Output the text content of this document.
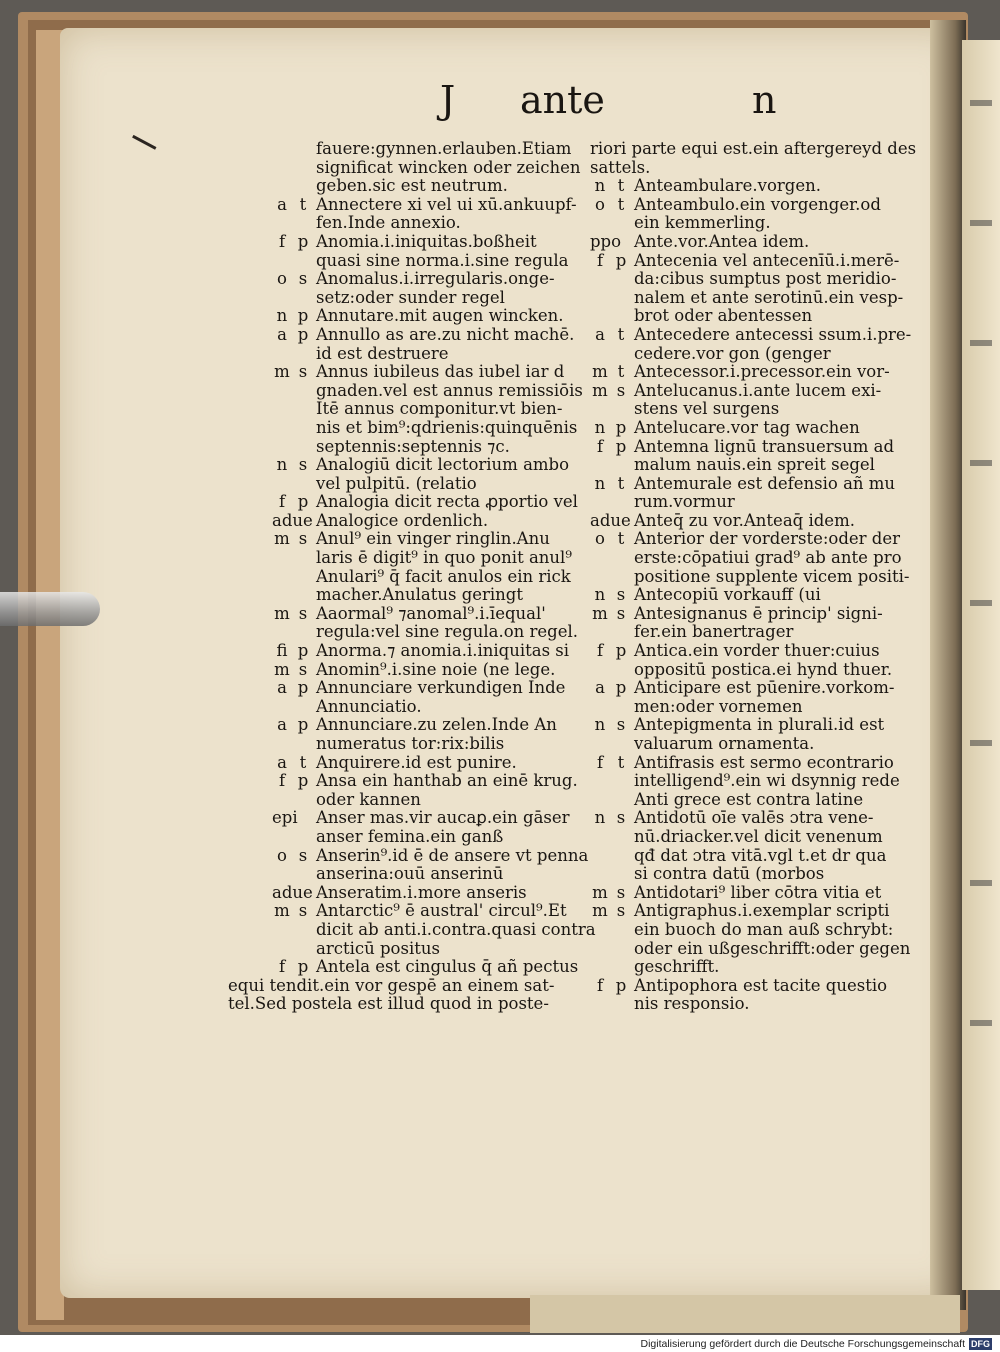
J ante	n
fauere:gynnen.erlauben.Etiam
significat wincken oder zeichen
geben.sic est neutrum.
a t Annectere xi vel ui xū.ankuupf-
fen.Inde annexio.
f p Anomia.i.iniquitas.boßheit
quasi sine norma.i.sine regula
o s Anomalus.i.irregularis.onge-
setz:oder sunder regel
n p Annutare.mit augen wincken.
a p Annullo as are.zu nicht machē.
id est destruere
m s Annus iubileus das iubel iar d
gnaden.vel est annus remissiōis
Itē annus componitur.vt bien-
nis et bim⁹:qdrienis:quinquēnis
septennis:septennis ⁊c.
n s Analogiū dicit lectorium ambo
vel pulpitū. (relatio
f p Analogia dicit recta ꝓportio vel
adue Analogice ordenlich.
m s Anul⁹ ein vinger ringlin.Anu
laris ē digit⁹ in quo ponit anul⁹
Anulari⁹ q̄ facit anulos ein rick
macher.Anulatus geringt
m s Aaormal⁹ ⁊anomal⁹.i.īequal'
regula:vel sine regula.on regel.
fi p Anorma.⁊ anomia.i.iniquitas si
m s Anomin⁹.i.sine noie (ne lege.
a p Annunciare verkundigen Inde
Annunciatio.
a p Annunciare.zu zelen.Inde An
numeratus tor:rix:bilis
a t Anquirere.id est punire.
f p Ansa ein hanthab an einē krug.
oder kannen
epi	Anser mas.vir aucaꝑ.ein gāser
anser femina.ein ganß
o s Anserin⁹.id ē de ansere vt penna
anserina:ouū anserinū
adue Anseratim.i.more anseris
m s Antarctic⁹ ē austral' circul⁹.Et
dicit ab anti.i.contra.quasi contra
arcticū positus
f p Antela est cingulus q̄ añ pectus
equi tendit.ein vor gespē an einem sat-
tel.Sed postela est illud quod in poste-
riori parte equi est.ein aftergereyd des
sattels.
n t Anteambulare.vorgen.
o t Anteambulo.ein vorgenger.od
ein kemmerling.
ppo Ante.vor.Antea idem.
f p Antecenia vel antecenīū.i.merē-
da:cibus sumptus post meridio-
nalem et ante serotinū.ein vesp-
brot oder abentessen
a t Antecedere antecessi ssum.i.pre-
cedere.vor gon (genger
m t Antecessor.i.precessor.ein vor-
m s Antelucanus.i.ante lucem exi-
stens vel surgens
n p Antelucare.vor tag wachen
f p Antemna lignū transuersum ad
malum nauis.ein spreit segel
n t Antemurale est defensio añ mu
rum.vormur
adue Anteq̄ zu vor.Anteaq̄ idem.
o t Anterior der vorderste:oder der
erste:cōpatiui grad⁹ ab ante pro
positione supplente vicem positi-
n s Antecopiū vorkauff (ui
m s Antesignanus ē princip' signi-
fer.ein banertrager
f p Antica.ein vorder thuer:cuius
oppositū postica.ei hynd thuer.
a p Anticipare est pūenire.vorkom-
men:oder vornemen
n s Antepigmenta in plurali.id est
valuarum ornamenta.
f t Antifrasis est sermo econtrario
intelligend⁹.ein wi dsynnig rede
Anti grece est contra latine
n s Antidotū oīe valēs ɔtra vene-
nū.driacker.vel dicit venenum
qđ dat ɔtra vitā.vgl t.et dr qua
si contra datū (morbos
m s Antidotari⁹ liber cōtra vitia et
m s Antigraphus.i.exemplar scripti
ein buoch do man auß schrybt:
oder ein ußgeschrifft:oder gegen
geschrifft.
f p Antipophora est tacite questio
nis responsio.
Digitalisierung gefördert durch die Deutsche Forschungsgemeinschaft DFG
